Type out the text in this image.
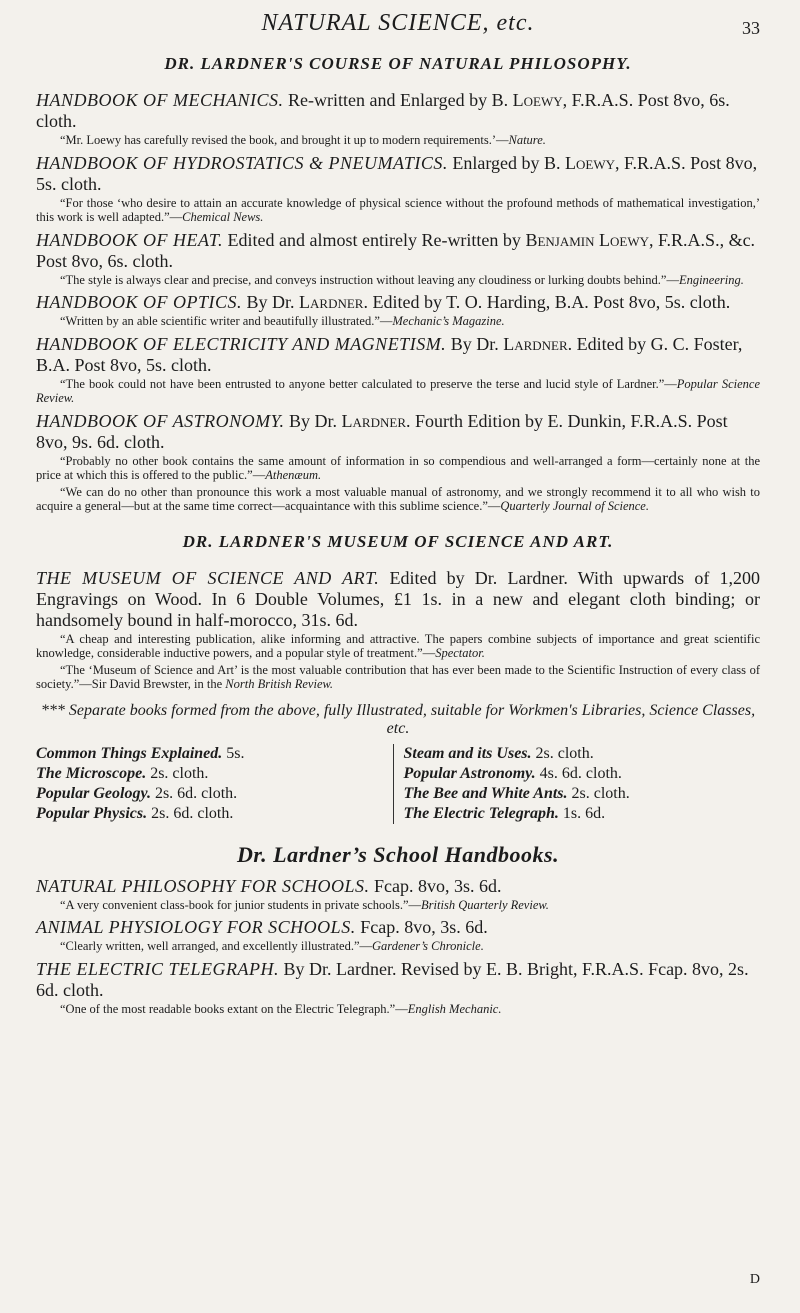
NATURAL SCIENCE, etc.	33
DR. LARDNER'S COURSE OF NATURAL PHILOSOPHY.
HANDBOOK OF MECHANICS. Re-written and Enlarged by B. Loewy, F.R.A.S. Post 8vo, 6s. cloth.
“Mr. Loewy has carefully revised the book, and brought it up to modern requirements.’—Nature.
HANDBOOK OF HYDROSTATICS & PNEUMATICS. Enlarged by B. Loewy, F.R.A.S. Post 8vo, 5s. cloth.
“For those ‘who desire to attain an accurate knowledge of physical science without the profound methods of mathematical investigation,’ this work is well adapted.”—Chemical News.
HANDBOOK OF HEAT. Edited and almost entirely Re-written by Benjamin Loewy, F.R.A.S., &c. Post 8vo, 6s. cloth.
“The style is always clear and precise, and conveys instruction without leaving any cloudiness or lurking doubts behind.”—Engineering.
HANDBOOK OF OPTICS. By Dr. Lardner. Edited by T. O. Harding, B.A. Post 8vo, 5s. cloth.
“Written by an able scientific writer and beautifully illustrated.”—Mechanic’s Magazine.
HANDBOOK OF ELECTRICITY AND MAGNETISM. By Dr. Lardner. Edited by G. C. Foster, B.A. Post 8vo, 5s. cloth.
“The book could not have been entrusted to anyone better calculated to preserve the terse and lucid style of Lardner.”—Popular Science Review.
HANDBOOK OF ASTRONOMY. By Dr. Lardner. Fourth Edition by E. Dunkin, F.R.A.S. Post 8vo, 9s. 6d. cloth.
“Probably no other book contains the same amount of information in so compendious and well-arranged a form—certainly none at the price at which this is offered to the public.”—Athenæum.
“We can do no other than pronounce this work a most valuable manual of astronomy, and we strongly recommend it to all who wish to acquire a general—but at the same time correct—acquaintance with this sublime science.”—Quarterly Journal of Science.
DR. LARDNER'S MUSEUM OF SCIENCE AND ART.
THE MUSEUM OF SCIENCE AND ART. Edited by Dr. Lardner. With upwards of 1,200 Engravings on Wood. In 6 Double Volumes, £1 1s. in a new and elegant cloth binding; or handsomely bound in half-morocco, 31s. 6d.
“A cheap and interesting publication, alike informing and attractive. The papers combine subjects of importance and great scientific knowledge, considerable inductive powers, and a popular style of treatment.”—Spectator.
“The ‘Museum of Science and Art’ is the most valuable contribution that has ever been made to the Scientific Instruction of every class of society.”—Sir David Brewster, in the North British Review.
*** Separate books formed from the above, fully Illustrated, suitable for Workmen's Libraries, Science Classes, etc.
Common Things Explained. 5s.
The Microscope. 2s. cloth.
Popular Geology. 2s. 6d. cloth.
Popular Physics. 2s. 6d. cloth.
Steam and its Uses. 2s. cloth.
Popular Astronomy. 4s. 6d. cloth.
The Bee and White Ants. 2s. cloth.
The Electric Telegraph. 1s. 6d.
Dr. Lardner’s School Handbooks.
NATURAL PHILOSOPHY FOR SCHOOLS. Fcap. 8vo, 3s. 6d.
“A very convenient class-book for junior students in private schools.”—British Quarterly Review.
ANIMAL PHYSIOLOGY FOR SCHOOLS. Fcap. 8vo, 3s. 6d.
“Clearly written, well arranged, and excellently illustrated.”—Gardener’s Chronicle.
THE ELECTRIC TELEGRAPH. By Dr. Lardner. Revised by E. B. Bright, F.R.A.S. Fcap. 8vo, 2s. 6d. cloth.
“One of the most readable books extant on the Electric Telegraph.”—English Mechanic.
D
